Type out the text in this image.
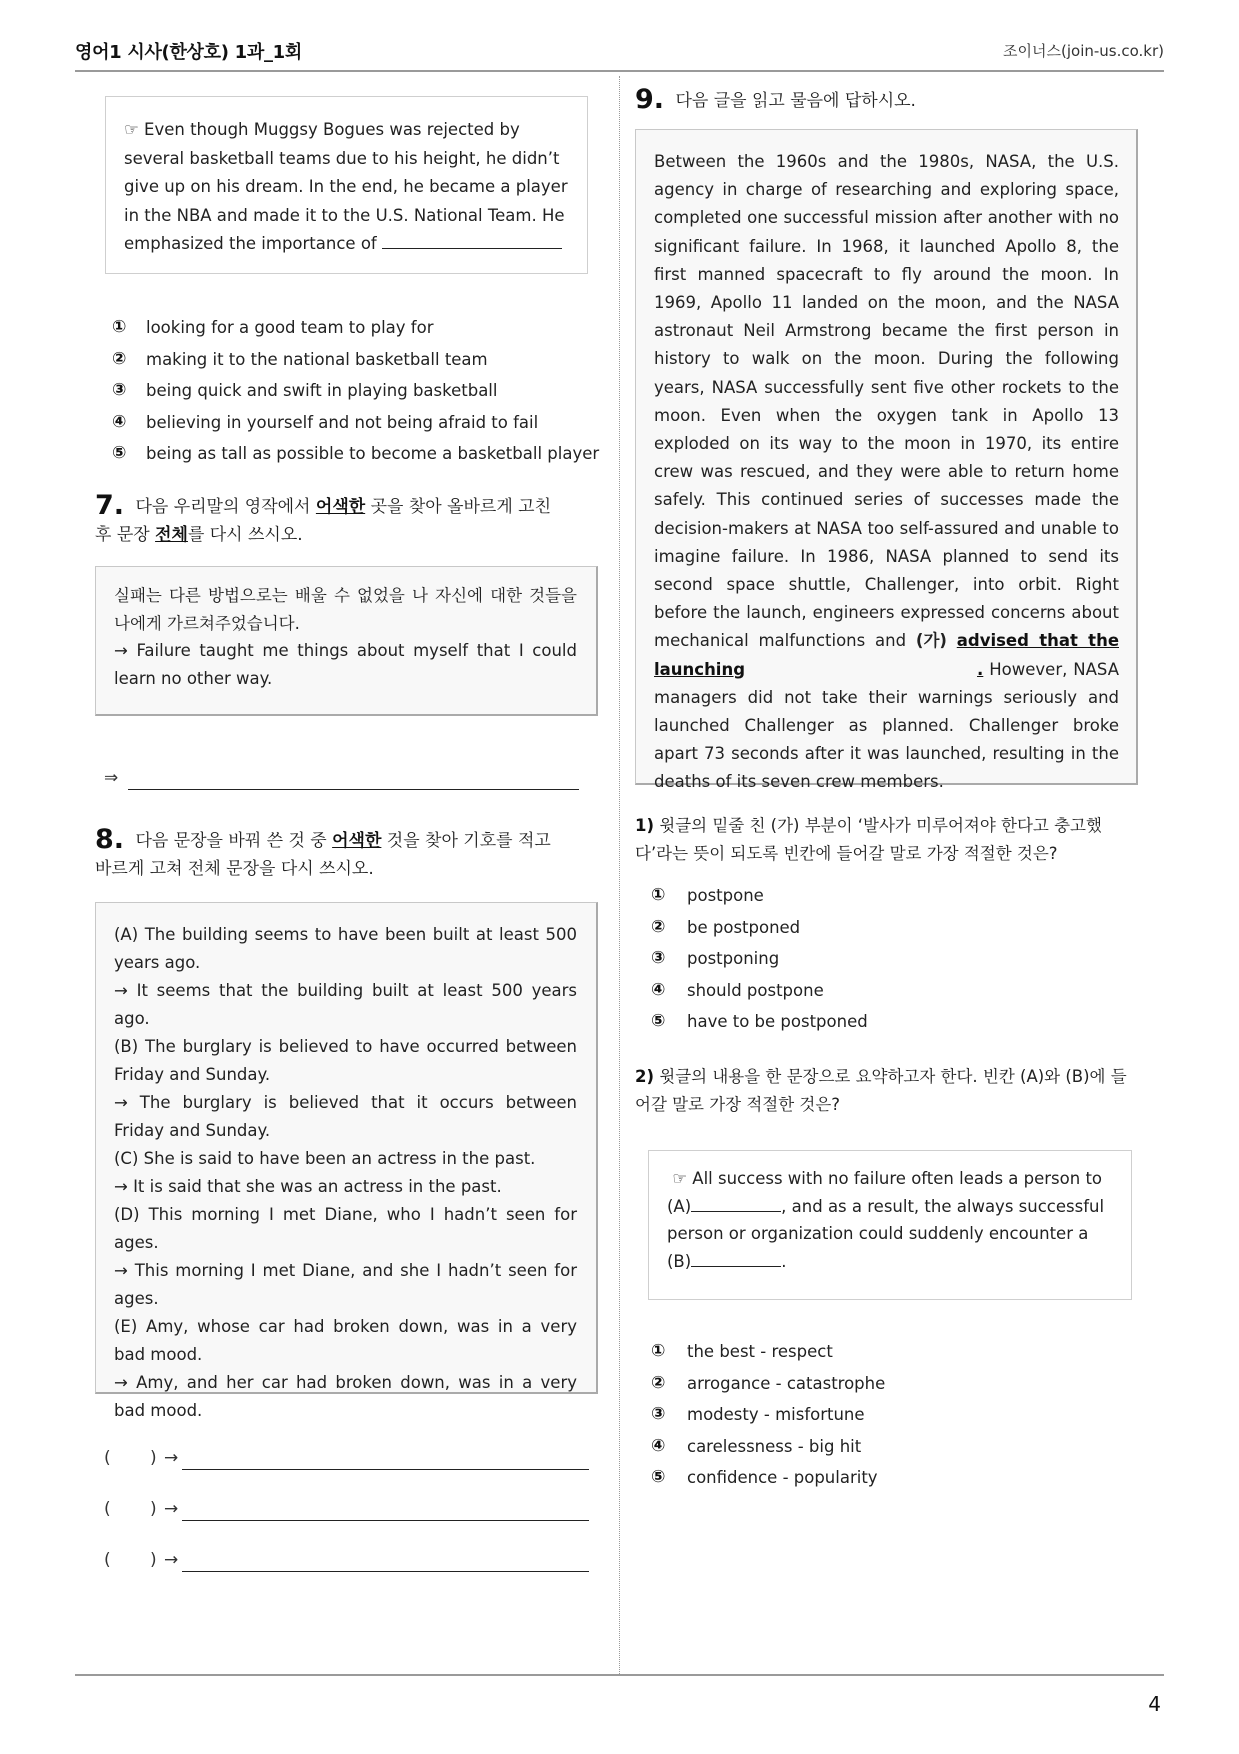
영어1 시사(한상호) 1과_1회	조이너스(join-us.co.kr)
☞ Even though Muggsy Bogues was rejected by several basketball teams due to his height, he didn’t give up on his dream. In the end, he became a player in the NBA and made it to the U.S. National Team. He emphasized the importance of
①	looking for a good team to play for
②	making it to the national basketball team
③	being quick and swift in playing basketball
④	believing in yourself and not being afraid to fail
⑤	being as tall as possible to become a basketball player
7. 다음 우리말의 영작에서 어색한 곳을 찾아 올바르게 고친
후 문장 전체를 다시 쓰시오.
실패는 다른 방법으로는 배울 수 없었을 나 자신에 대한 것들을 나에게 가르쳐주었습니다.
→ Failure taught me things about myself that I could learn no other way.
⇒
8. 다음 문장을 바꿔 쓴 것 중 어색한 것을 찾아 기호를 적고
바르게 고쳐 전체 문장을 다시 쓰시오.
(A) The building seems to have been built at least 500 years ago.
→ It seems that the building built at least 500 years ago.
(B) The burglary is believed to have occurred between Friday and Sunday.
→ The burglary is believed that it occurs between Friday and Sunday.
(C) She is said to have been an actress in the past.
→ It is said that she was an actress in the past.
(D) This morning I met Diane, who I hadn’t seen for ages.
→ This morning I met Diane, and she I hadn’t seen for ages.
(E) Amy, whose car had broken down, was in a very bad mood.
→ Amy, and her car had broken down, was in a very bad mood.
( ) →
( ) →
( ) →
9. 다음 글을 읽고 물음에 답하시오.
Between the 1960s and the 1980s, NASA, the U.S. agency in charge of researching and exploring space, completed one successful mission after another with no significant failure. In 1968, it launched Apollo 8, the first manned spacecraft to fly around the moon. In 1969, Apollo 11 landed on the moon, and the NASA astronaut Neil Armstrong became the first person in history to walk on the moon. During the following years, NASA successfully sent five other rockets to the moon. Even when the oxygen tank in Apollo 13 exploded on its way to the moon in 1970, its entire crew was rescued, and they were able to return home safely. This continued series of successes made the decision-makers at NASA too self-assured and unable to imagine failure. In 1986, NASA planned to send its second space shuttle, Challenger, into orbit. Right before the launch, engineers expressed concerns about mechanical malfunctions and (가) advised that the launching	. However, NASA managers did not take their warnings seriously and launched Challenger as planned. Challenger broke apart 73 seconds after it was launched, resulting in the deaths of its seven crew members.
1) 윗글의 밑줄 친 (가) 부분이 ‘발사가 미루어져야 한다고 충고했다’라는 뜻이 되도록 빈칸에 들어갈 말로 가장 적절한 것은?
①	postpone
②	be postponed
③	postponing
④	should postpone
⑤	have to be postponed
2) 윗글의 내용을 한 문장으로 요약하고자 한다. 빈칸 (A)와 (B)에 들어갈 말로 가장 적절한 것은?
☞ All success with no failure often leads a person to
(A)	, and as a result, the always successful person or organization could suddenly encounter a (B)	.
①	the best - respect
②	arrogance - catastrophe
③	modesty - misfortune
④	carelessness - big hit
⑤	confidence - popularity
4
